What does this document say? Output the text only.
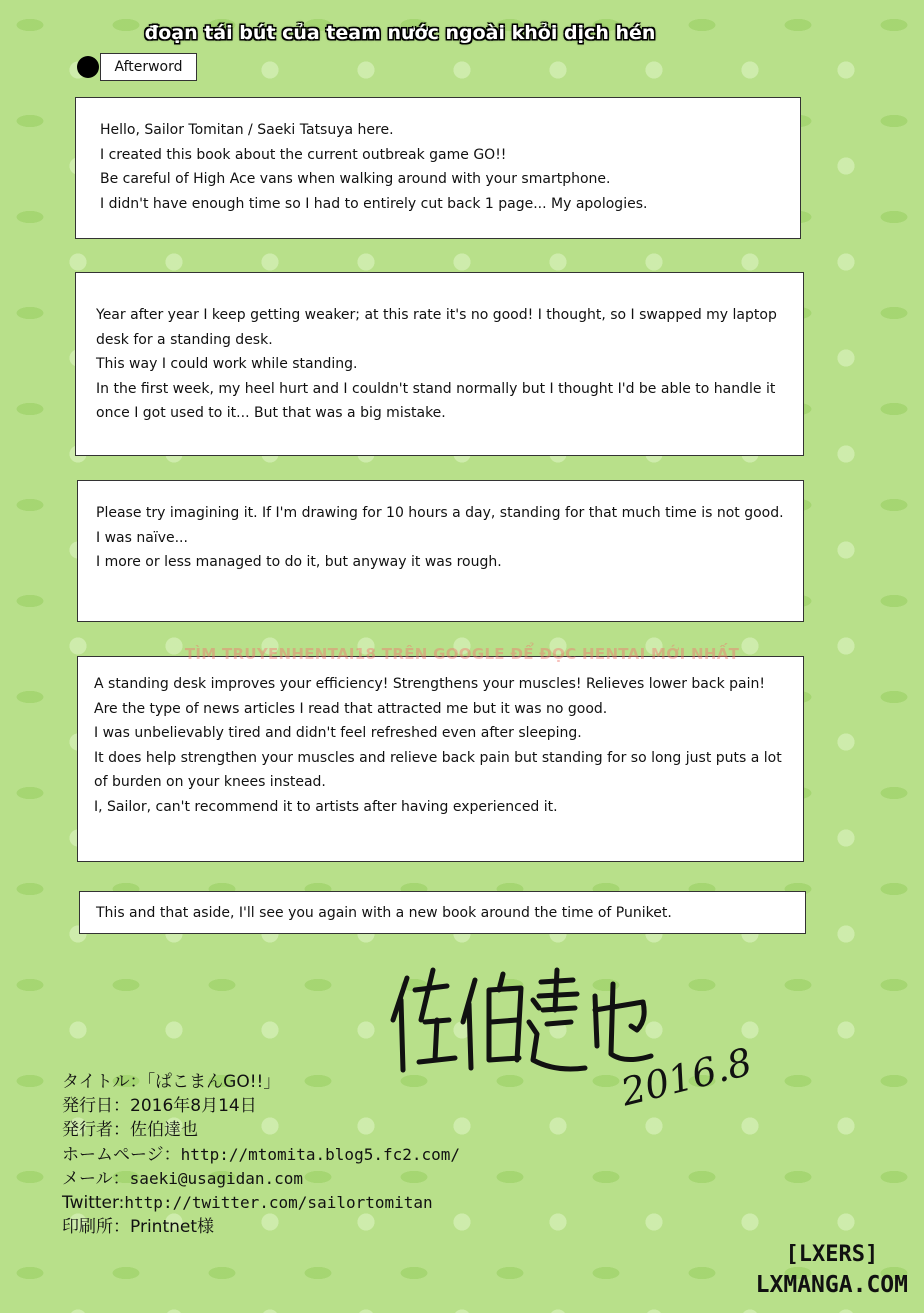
đoạn tái bút của team nước ngoài khỏi dịch hén
Afterword

Hello, Sailor Tomitan / Saeki Tatsuya here.

I created this book about the current outbreak game GO!!

Be careful of High Ace vans when walking around with your smartphone.

I didn't have enough time so I had to entirely cut back 1 page... My apologies.

Year after year I keep getting weaker; at this rate it's no good! I thought, so I swapped my laptop desk for a standing desk.

This way I could work while standing.

In the first week, my heel hurt and I couldn't stand normally but I thought I'd be able to handle it once I got used to it... But that was a big mistake.

Please try imagining it. If I'm drawing for 10 hours a day, standing for that much time is not good.

I was naïve...

I more or less managed to do it, but anyway it was rough.

A standing desk improves your efficiency! Strengthens your muscles! Relieves lower back pain!

Are the type of news articles I read that attracted me but it was no good.

I was unbelievably tired and didn't feel refreshed even after sleeping.

It does help strengthen your muscles and relieve back pain but standing for so long just puts a lot of burden on your knees instead.

I, Sailor, can't recommend it to artists after having experienced it.

This and that aside, I'll see you again with a new book around the time of Puniket.

TÌM TRUYENHENTAI18 TRÊN GOOGLE ĐỂ ĐỌC HENTAI MỚI NHẤT
2016.8
タイトル：「ぱこまんGO!!」
発行日：2016年8月14日
発行者：佐伯達也
ホームページ：http://mtomita.blog5.fc2.com/
メール：saeki@usagidan.com
Twitter:http://twitter.com/sailortomitan
印刷所：Printnet様
[LXERS]
LXMANGA.COM
